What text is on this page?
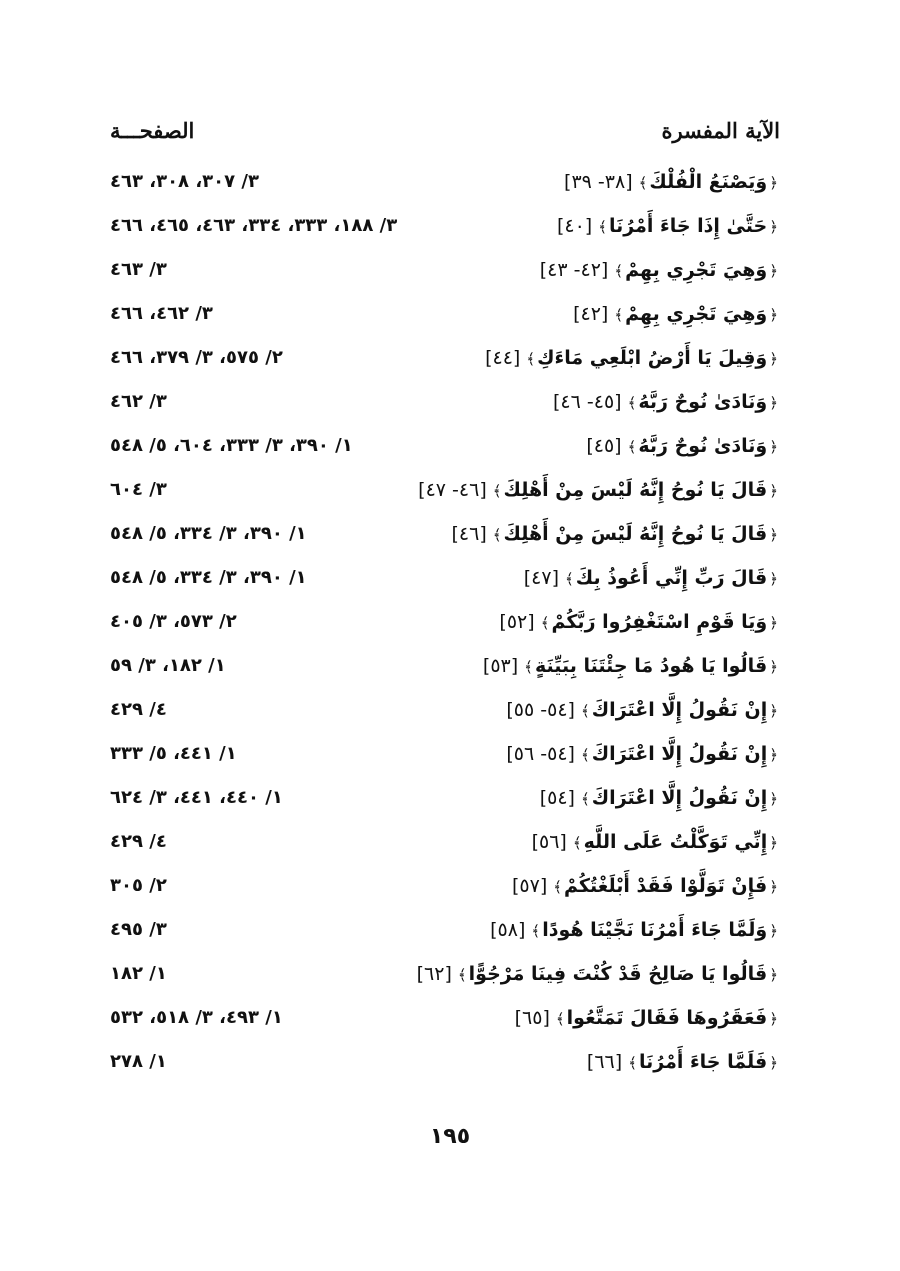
الآية المفسرة
الصفحـــة
﴿وَيَصْنَعُ الْفُلْكَ﴾[٣٨- ٣٩]
٣/ ٣٠٧، ٣٠٨، ٤٦٣
﴿حَتَّىٰ إِذَا جَاءَ أَمْرُنَا﴾[٤٠]
٣/ ١٨٨، ٣٣٣، ٣٣٤، ٤٦٣، ٤٦٥، ٤٦٦
﴿وَهِيَ تَجْرِي بِهِمْ﴾[٤٢- ٤٣]
٣/ ٤٦٣
﴿وَهِيَ تَجْرِي بِهِمْ﴾[٤٢]
٣/ ٤٦٢، ٤٦٦
﴿وَقِيلَ يَا أَرْضُ ابْلَعِي مَاءَكِ﴾[٤٤]
٢/ ٥٧٥، ٣/ ٣٧٩، ٤٦٦
﴿وَنَادَىٰ نُوحٌ رَبَّهُ﴾[٤٥- ٤٦]
٣/ ٤٦٢
﴿وَنَادَىٰ نُوحٌ رَبَّهُ﴾[٤٥]
١/ ٣٩٠، ٣/ ٣٣٣، ٦٠٤، ٥/ ٥٤٨
﴿قَالَ يَا نُوحُ إِنَّهُ لَيْسَ مِنْ أَهْلِكَ﴾[٤٦- ٤٧]
٣/ ٦٠٤
﴿قَالَ يَا نُوحُ إِنَّهُ لَيْسَ مِنْ أَهْلِكَ﴾[٤٦]
١/ ٣٩٠، ٣/ ٣٣٤، ٥/ ٥٤٨
﴿قَالَ رَبِّ إِنِّي أَعُوذُ بِكَ﴾[٤٧]
١/ ٣٩٠، ٣/ ٣٣٤، ٥/ ٥٤٨
﴿وَيَا قَوْمِ اسْتَغْفِرُوا رَبَّكُمْ﴾[٥٢]
٢/ ٥٧٣، ٣/ ٤٠٥
﴿قَالُوا يَا هُودُ مَا جِئْتَنَا بِبَيِّنَةٍ﴾[٥٣]
١/ ١٨٢، ٣/ ٥٩
﴿إِنْ نَقُولُ إِلَّا اعْتَرَاكَ﴾[٥٤- ٥٥]
٤/ ٤٢٩
﴿إِنْ نَقُولُ إِلَّا اعْتَرَاكَ﴾[٥٤- ٥٦]
١/ ٤٤١، ٥/ ٣٣٣
﴿إِنْ نَقُولُ إِلَّا اعْتَرَاكَ﴾[٥٤]
١/ ٤٤٠، ٤٤١، ٣/ ٦٢٤
﴿إِنِّي تَوَكَّلْتُ عَلَى اللَّهِ﴾[٥٦]
٤/ ٤٢٩
﴿فَإِنْ تَوَلَّوْا فَقَدْ أَبْلَغْتُكُمْ﴾[٥٧]
٢/ ٣٠٥
﴿وَلَمَّا جَاءَ أَمْرُنَا نَجَّيْنَا هُودًا﴾[٥٨]
٣/ ٤٩٥
﴿قَالُوا يَا صَالِحُ قَدْ كُنْتَ فِينَا مَرْجُوًّا﴾[٦٢]
١/ ١٨٢
﴿فَعَقَرُوهَا فَقَالَ تَمَتَّعُوا﴾[٦٥]
١/ ٤٩٣، ٣/ ٥١٨، ٥٣٢
﴿فَلَمَّا جَاءَ أَمْرُنَا﴾[٦٦]
١/ ٢٧٨
١٩٥
